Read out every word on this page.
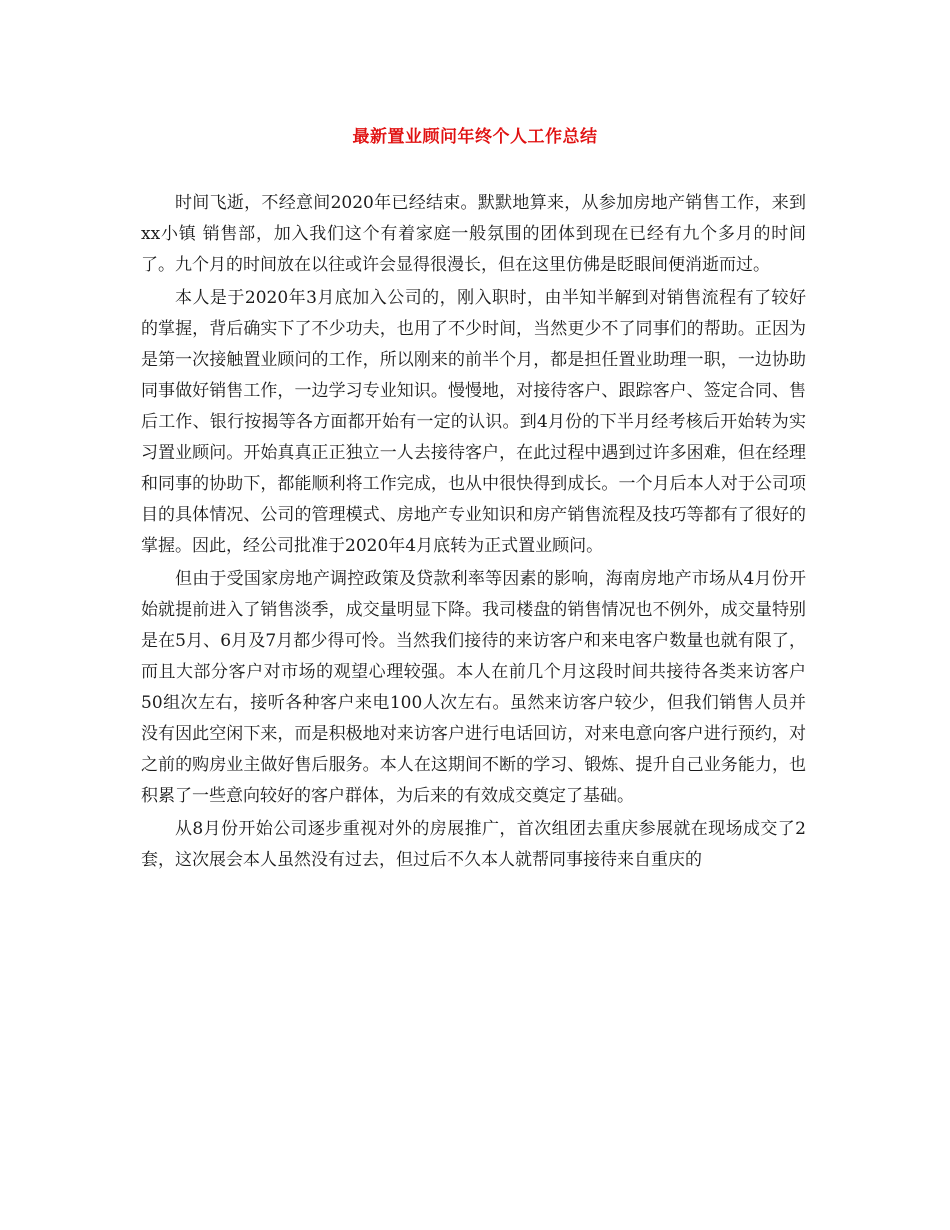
最新置业顾问年终个人工作总结

时间飞逝，不经意间2020年已经结束。默默地算来，从参加房地产销售工作，来到 xx小镇 销售部，加入我们这个有着家庭一般氛围的团体到现在已经有九个多月的时间了。九个月的时间放在以往或许会显得很漫长，但在这里仿佛是眨眼间便消逝而过。

本人是于2020年3月底加入公司的，刚入职时，由半知半解到对销售流程有了较好的掌握，背后确实下了不少功夫，也用了不少时间，当然更少不了同事们的帮助。正因为是第一次接触置业顾问的工作，所以刚来的前半个月，都是担任置业助理一职，一边协助同事做好销售工作，一边学习专业知识。慢慢地，对接待客户、跟踪客户、签定合同、售后工作、银行按揭等各方面都开始有一定的认识。到4月份的下半月经考核后开始转为实习置业顾问。开始真真正正独立一人去接待客户，在此过程中遇到过许多困难，但在经理和同事的协助下，都能顺利将工作完成，也从中很快得到成长。一个月后本人对于公司项目的具体情况、公司的管理模式、房地产专业知识和房产销售流程及技巧等都有了很好的掌握。因此，经公司批准于2020年4月底转为正式置业顾问。

但由于受国家房地产调控政策及贷款利率等因素的影响，海南房地产市场从4月份开始就提前进入了销售淡季，成交量明显下降。我司楼盘的销售情况也不例外，成交量特别是在5月、6月及7月都少得可怜。当然我们接待的来访客户和来电客户数量也就有限了，而且大部分客户对市场的观望心理较强。本人在前几个月这段时间共接待各类来访客户50组次左右，接听各种客户来电100人次左右。虽然来访客户较少，但我们销售人员并没有因此空闲下来，而是积极地对来访客户进行电话回访，对来电意向客户进行预约，对之前的购房业主做好售后服务。本人在这期间不断的学习、锻炼、提升自己业务能力，也积累了一些意向较好的客户群体，为后来的有效成交奠定了基础。

从8月份开始公司逐步重视对外的房展推广，首次组团去重庆参展就在现场成交了2套，这次展会本人虽然没有过去，但过后不久本人就帮同事接待来自重庆的
